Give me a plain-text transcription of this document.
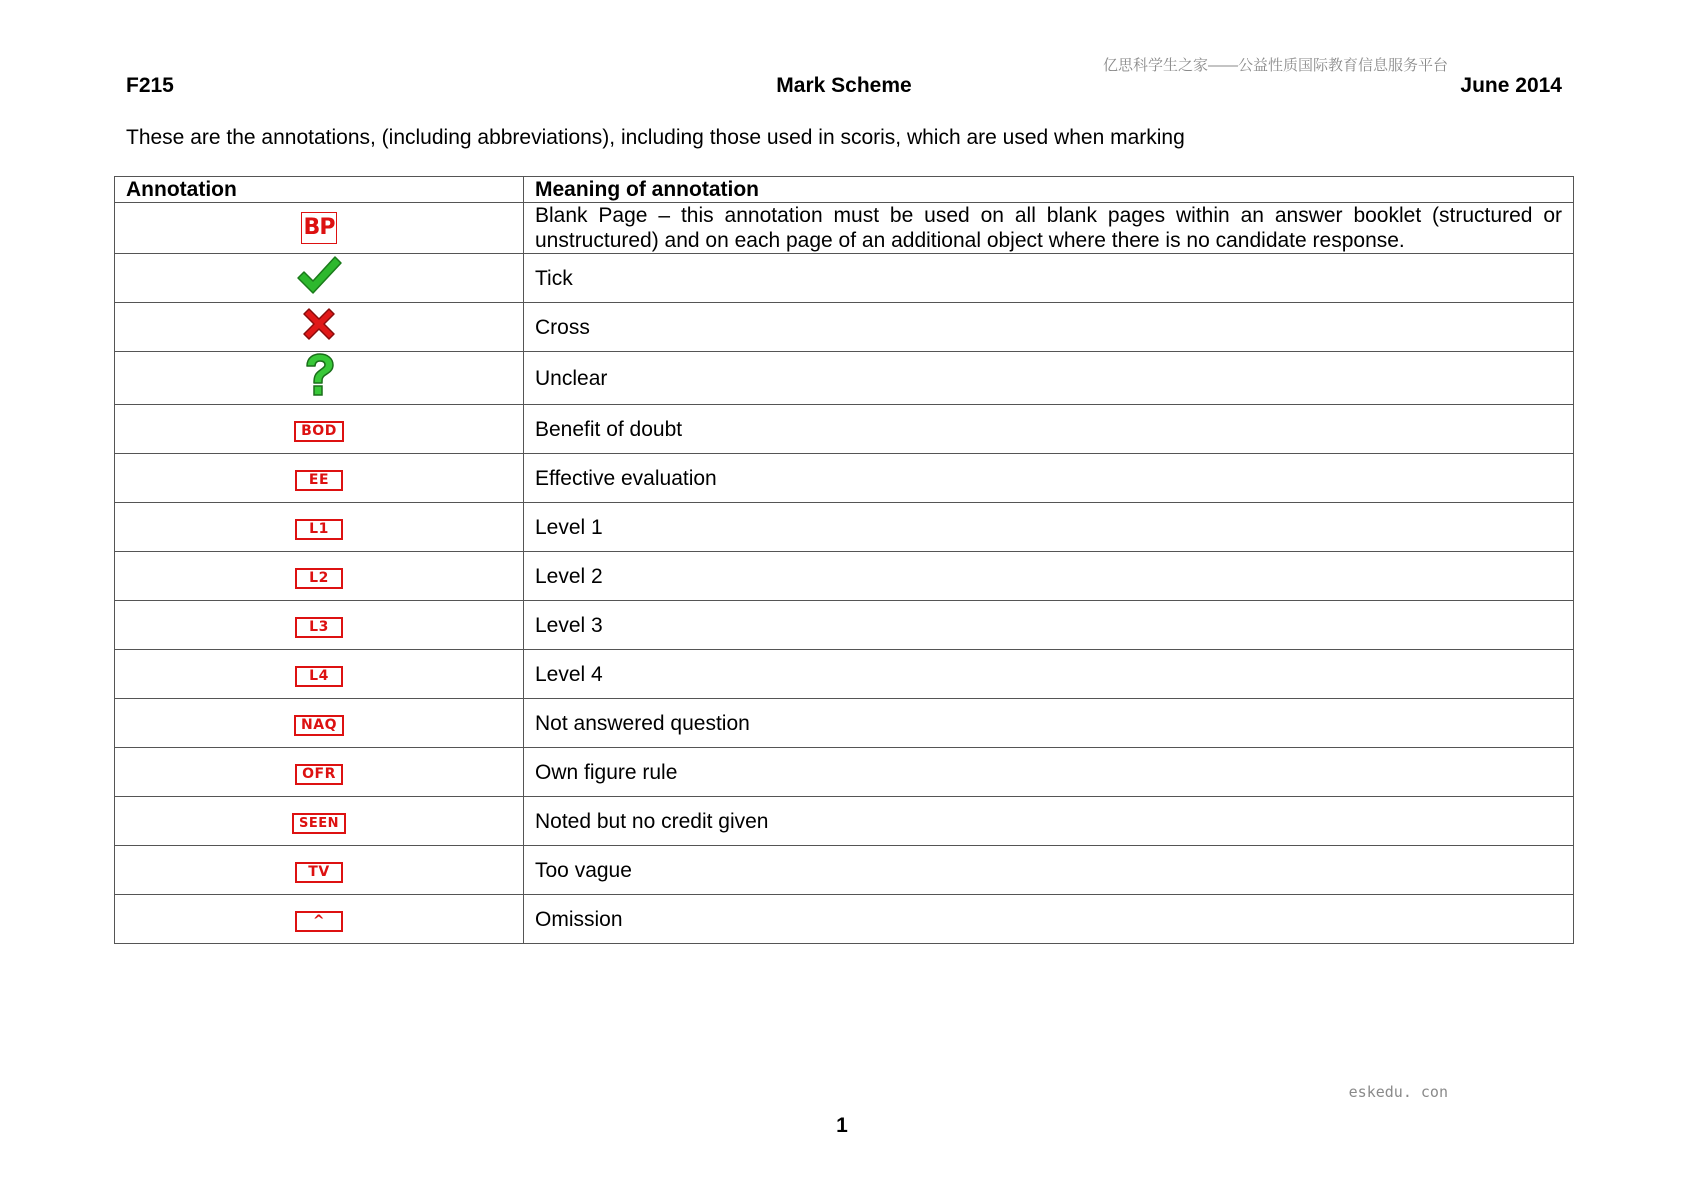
亿思科学生之家——公益性质国际教育信息服务平台
F215	Mark Scheme	June 2014
These are the annotations, (including abbreviations), including those used in scoris, which are used when marking
Annotation	Meaning of annotation
BP	Blank Page – this annotation must be used on all blank pages within an answer booklet (structured or unstructured) and on each page of an additional object where there is no candidate response.
	Tick
	Cross
	Unclear
BOD	Benefit of doubt
EE	Effective evaluation
L1	Level 1
L2	Level 2
L3	Level 3
L4	Level 4
NAQ	Not answered question
OFR	Own figure rule
SEEN	Noted but no credit given
TV	Too vague
^	Omission
eskedu. con
1
